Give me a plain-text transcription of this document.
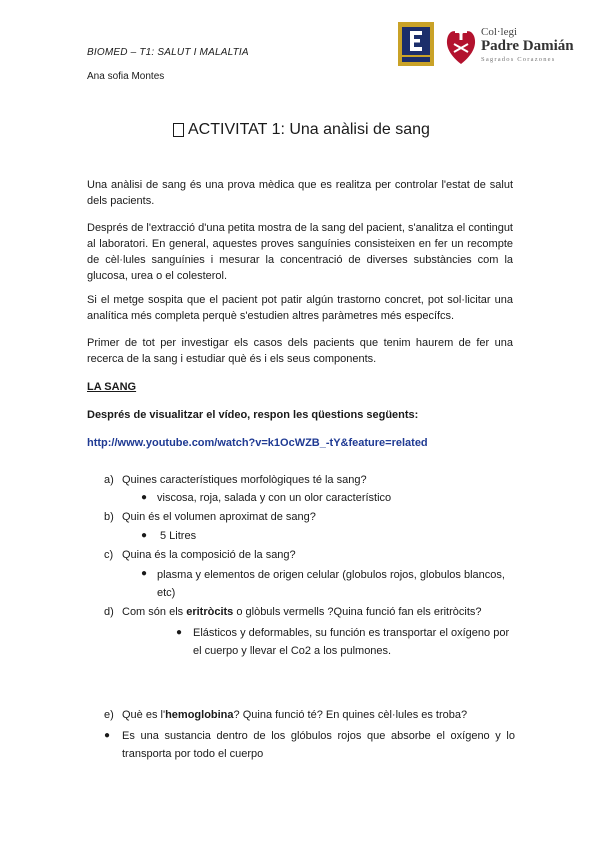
BIOMED – T1: SALUT I MALALTIA
Ana sofia Montes
Col·legi
Padre Damián
Sagrados Corazones
ACTIVITAT 1: Una anàlisi de sang
Una anàlisi de sang és una prova mèdica que es realitza per controlar l'estat de salut dels pacients.
Després de l'extracció d'una petita mostra de la sang del pacient, s'analitza el contingut al laboratori. En general, aquestes proves sanguínies consisteixen en fer un recompte de cèl·lules sanguínies i mesurar la concentració de diverses substàncies com la glucosa, urea o el colesterol.
Si el metge sospita que el pacient pot patir algún trastorno concret, pot sol·licitar una analítica més completa perquè s'estudien altres paràmetres més específcs.
Primer de tot per investigar els casos dels pacients que tenim haurem de fer una recerca de la sang i estudiar què és i els seus components.
LA SANG
Després de visualitzar el vídeo, respon les qüestions següents:
http://www.youtube.com/watch?v=k1OcWZB_-tY&feature=related
a) Quines característiques morfològiques té la sang?
● viscosa, roja, salada y con un olor característico
b) Quin és el volumen aproximat de sang?
● 5 Litres
c) Quina és la composició de la sang?
● plasma y elementos de origen celular (globulos rojos, globulos blancos, etc)
d) Com són els eritròcits o glòbuls vermells ?Quina funció fan els eritròcits?
● Elásticos y deformables, su función es transportar el oxígeno por el cuerpo y llevar el Co2 a los pulmones.
e) Què es l'hemoglobina? Quina funció té? En quines cèl·lules es troba?
● Es una sustancia dentro de los glóbulos rojos que absorbe el oxígeno y lo transporta por todo el cuerpo
